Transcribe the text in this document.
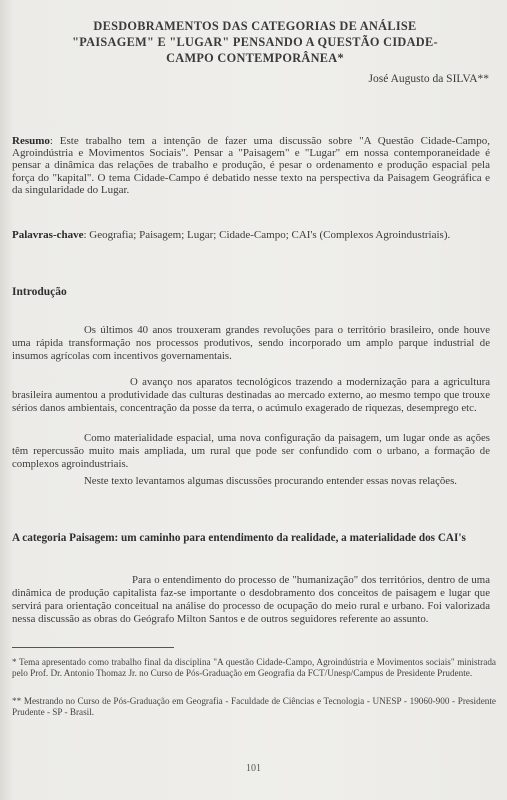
DESDOBRAMENTOS DAS CATEGORIAS DE ANÁLISE
"PAISAGEM" E "LUGAR" PENSANDO A QUESTÃO CIDADE-
CAMPO CONTEMPORÂNEA*
José Augusto da SILVA**
Resumo: Este trabalho tem a intenção de fazer uma discussão sobre "A Questão Cidade-Campo, Agroindústria e Movimentos Sociais". Pensar a "Paisagem" e "Lugar" em nossa contemporaneidade é pensar a dinâmica das relações de trabalho e produção, é pesar o ordenamento e produção espacial pela força do "kapital". O tema Cidade-Campo é debatido nesse texto na perspectiva da Paisagem Geográfica e da singularidade do Lugar.
Palavras-chave: Geografia; Paisagem; Lugar; Cidade-Campo; CAI's (Complexos Agroindustriais).
Introdução
Os últimos 40 anos trouxeram grandes revoluções para o território brasileiro, onde houve uma rápida transformação nos processos produtivos, sendo incorporado um amplo parque industrial de insumos agrícolas com incentivos governamentais.
O avanço nos aparatos tecnológicos trazendo a modernização para a agricultura brasileira aumentou a produtividade das culturas destinadas ao mercado externo, ao mesmo tempo que trouxe sérios danos ambientais, concentração da posse da terra, o acúmulo exagerado de riquezas, desemprego etc.
Como materialidade espacial, uma nova configuração da paisagem, um lugar onde as ações têm repercussão muito mais ampliada, um rural que pode ser confundido com o urbano, a formação de complexos agroindustriais.
Neste texto levantamos algumas discussões procurando entender essas novas relações.
A categoria Paisagem: um caminho para entendimento da realidade, a materialidade dos CAI's
Para o entendimento do processo de "humanização" dos territórios, dentro de uma dinâmica de produção capitalista faz-se importante o desdobramento dos conceitos de paisagem e lugar que servirá para orientação conceitual na análise do processo de ocupação do meio rural e urbano. Foi valorizada nessa discussão as obras do Geógrafo Milton Santos e de outros seguidores referente ao assunto.
* Tema apresentado como trabalho final da disciplina "A questão Cidade-Campo, Agroindústria e Movimentos sociais" ministrada pelo Prof. Dr. Antonio Thomaz Jr. no Curso de Pós-Graduação em Geografia da FCT/Unesp/Campus de Presidente Prudente.
** Mestrando no Curso de Pós-Graduação em Geografia - Faculdade de Ciências e Tecnologia - UNESP - 19060-900 - Presidente Prudente - SP - Brasil.
101
